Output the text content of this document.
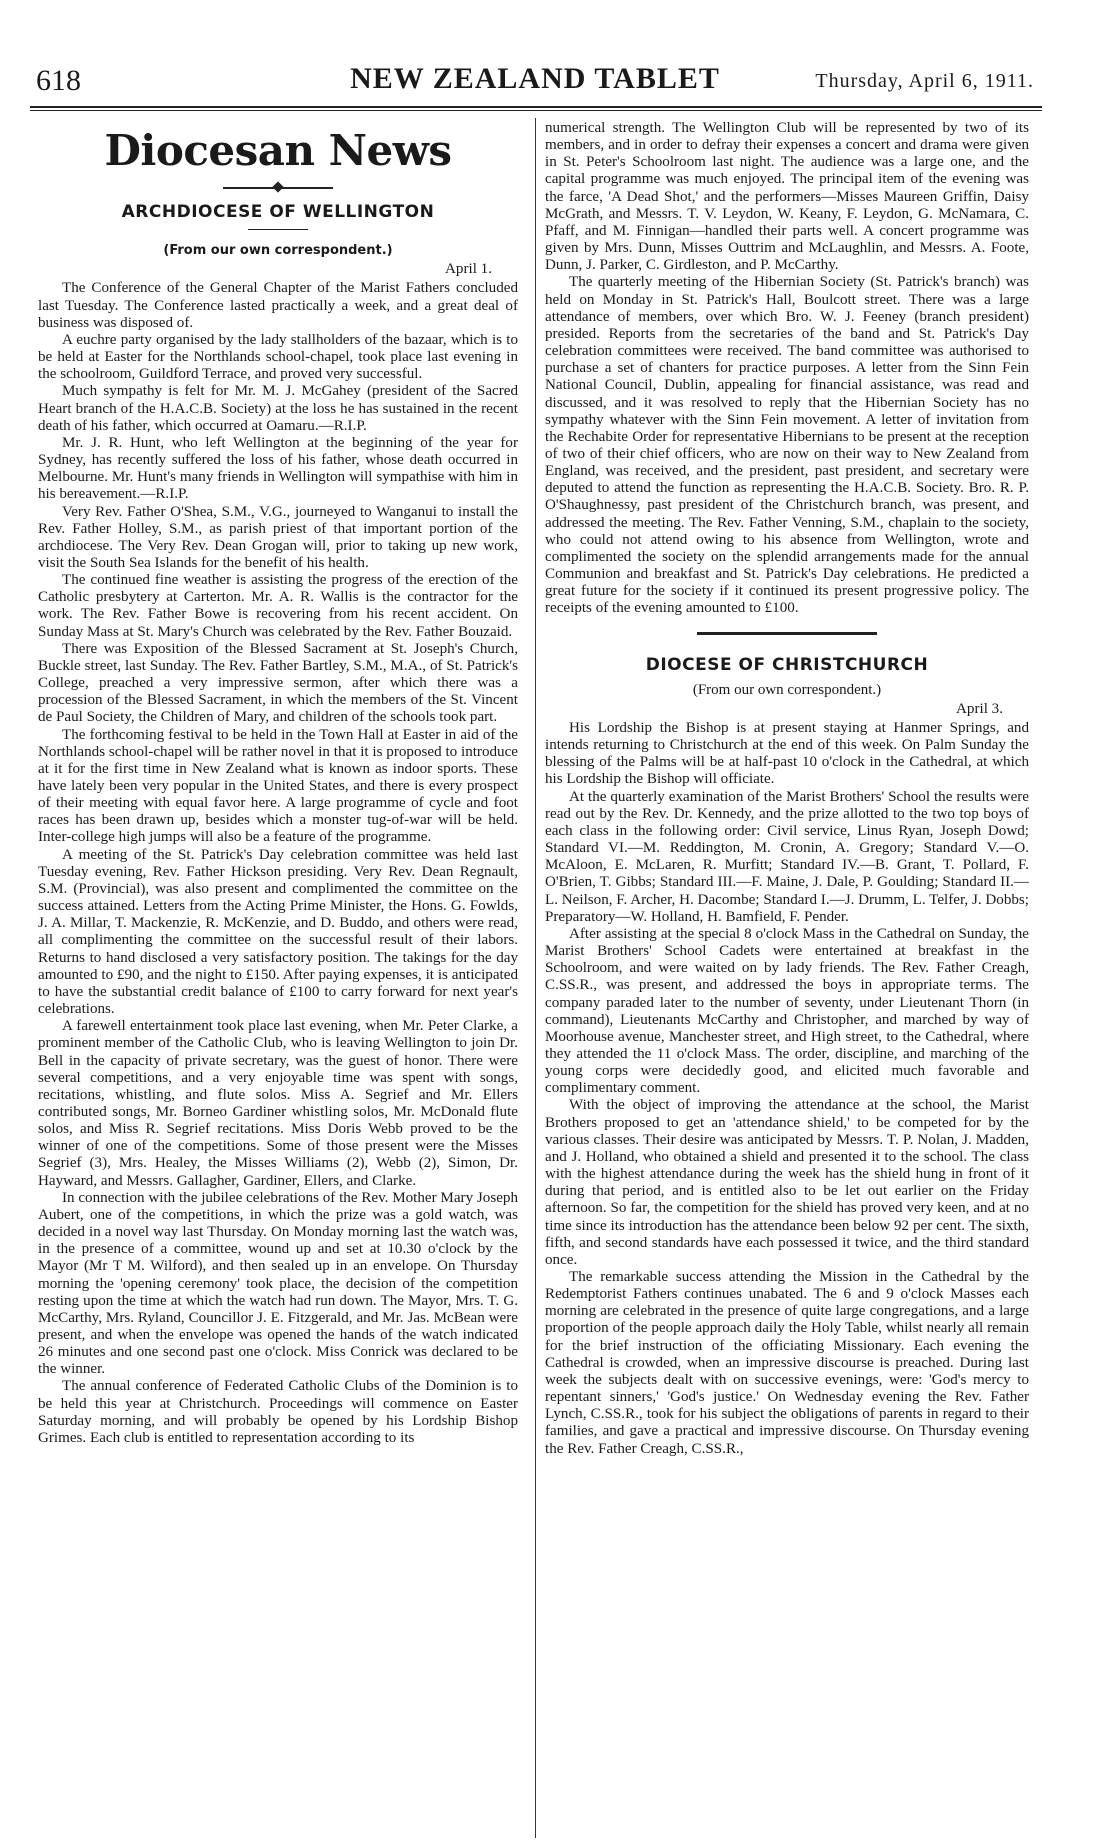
618	NEW ZEALAND TABLET	Thursday, April 6, 1911.
Diocesan News
ARCHDIOCESE OF WELLINGTON
(From our own correspondent.)
April 1.

The Conference of the General Chapter of the Marist Fathers concluded last Tuesday. The Conference lasted practically a week, and a great deal of business was disposed of.

A euchre party organised by the lady stallholders of the bazaar, which is to be held at Easter for the Northlands school-chapel, took place last evening in the schoolroom, Guildford Terrace, and proved very successful.

Much sympathy is felt for Mr. M. J. McGahey (president of the Sacred Heart branch of the H.A.C.B. Society) at the loss he has sustained in the recent death of his father, which occurred at Oamaru.—R.I.P.

Mr. J. R. Hunt, who left Wellington at the beginning of the year for Sydney, has recently suffered the loss of his father, whose death occurred in Melbourne. Mr. Hunt's many friends in Wellington will sympathise with him in his bereavement.—R.I.P.

Very Rev. Father O'Shea, S.M., V.G., journeyed to Wanganui to install the Rev. Father Holley, S.M., as parish priest of that important portion of the archdiocese. The Very Rev. Dean Grogan will, prior to taking up new work, visit the South Sea Islands for the benefit of his health.

The continued fine weather is assisting the progress of the erection of the Catholic presbytery at Carterton. Mr. A. R. Wallis is the contractor for the work. The Rev. Father Bowe is recovering from his recent accident. On Sunday Mass at St. Mary's Church was celebrated by the Rev. Father Bouzaid.

There was Exposition of the Blessed Sacrament at St. Joseph's Church, Buckle street, last Sunday. The Rev. Father Bartley, S.M., M.A., of St. Patrick's College, preached a very impressive sermon, after which there was a procession of the Blessed Sacrament, in which the members of the St. Vincent de Paul Society, the Children of Mary, and children of the schools took part.

The forthcoming festival to be held in the Town Hall at Easter in aid of the Northlands school-chapel will be rather novel in that it is proposed to introduce at it for the first time in New Zealand what is known as indoor sports. These have lately been very popular in the United States, and there is every prospect of their meeting with equal favor here. A large programme of cycle and foot races has been drawn up, besides which a monster tug-of-war will be held. Inter-college high jumps will also be a feature of the programme.

A meeting of the St. Patrick's Day celebration committee was held last Tuesday evening, Rev. Father Hickson presiding. Very Rev. Dean Regnault, S.M. (Provincial), was also present and complimented the committee on the success attained. Letters from the Acting Prime Minister, the Hons. G. Fowlds, J. A. Millar, T. Mackenzie, R. McKenzie, and D. Buddo, and others were read, all complimenting the committee on the successful result of their labors. Returns to hand disclosed a very satisfactory position. The takings for the day amounted to £90, and the night to £150. After paying expenses, it is anticipated to have the substantial credit balance of £100 to carry forward for next year's celebrations.

A farewell entertainment took place last evening, when Mr. Peter Clarke, a prominent member of the Catholic Club, who is leaving Wellington to join Dr. Bell in the capacity of private secretary, was the guest of honor. There were several competitions, and a very enjoyable time was spent with songs, recitations, whistling, and flute solos. Miss A. Segrief and Mr. Ellers contributed songs, Mr. Borneo Gardiner whistling solos, Mr. McDonald flute solos, and Miss R. Segrief recitations. Miss Doris Webb proved to be the winner of one of the competitions. Some of those present were the Misses Segrief (3), Mrs. Healey, the Misses Williams (2), Webb (2), Simon, Dr. Hayward, and Messrs. Gallagher, Gardiner, Ellers, and Clarke.

In connection with the jubilee celebrations of the Rev. Mother Mary Joseph Aubert, one of the competitions, in which the prize was a gold watch, was decided in a novel way last Thursday. On Monday morning last the watch was, in the presence of a committee, wound up and set at 10.30 o'clock by the Mayor (Mr T M. Wilford), and then sealed up in an envelope. On Thursday morning the 'opening ceremony' took place, the decision of the competition resting upon the time at which the watch had run down. The Mayor, Mrs. T. G. McCarthy, Mrs. Ryland, Councillor J. E. Fitzgerald, and Mr. Jas. McBean were present, and when the envelope was opened the hands of the watch indicated 26 minutes and one second past one o'clock. Miss Conrick was declared to be the winner.

The annual conference of Federated Catholic Clubs of the Dominion is to be held this year at Christchurch. Proceedings will commence on Easter Saturday morning, and will probably be opened by his Lordship Bishop Grimes. Each club is entitled to representation according to its

numerical strength. The Wellington Club will be represented by two of its members, and in order to defray their expenses a concert and drama were given in St. Peter's Schoolroom last night. The audience was a large one, and the capital programme was much enjoyed. The principal item of the evening was the farce, 'A Dead Shot,' and the performers—Misses Maureen Griffin, Daisy McGrath, and Messrs. T. V. Leydon, W. Keany, F. Leydon, G. McNamara, C. Pfaff, and M. Finnigan—handled their parts well. A concert programme was given by Mrs. Dunn, Misses Outtrim and McLaughlin, and Messrs. A. Foote, Dunn, J. Parker, C. Girdleston, and P. McCarthy.

The quarterly meeting of the Hibernian Society (St. Patrick's branch) was held on Monday in St. Patrick's Hall, Boulcott street. There was a large attendance of members, over which Bro. W. J. Feeney (branch president) presided. Reports from the secretaries of the band and St. Patrick's Day celebration committees were received. The band committee was authorised to purchase a set of chanters for practice purposes. A letter from the Sinn Fein National Council, Dublin, appealing for financial assistance, was read and discussed, and it was resolved to reply that the Hibernian Society has no sympathy whatever with the Sinn Fein movement. A letter of invitation from the Rechabite Order for representative Hibernians to be present at the reception of two of their chief officers, who are now on their way to New Zealand from England, was received, and the president, past president, and secretary were deputed to attend the function as representing the H.A.C.B. Society. Bro. R. P. O'Shaughnessy, past president of the Christchurch branch, was present, and addressed the meeting. The Rev. Father Venning, S.M., chaplain to the society, who could not attend owing to his absence from Wellington, wrote and complimented the society on the splendid arrangements made for the annual Communion and breakfast and St. Patrick's Day celebrations. He predicted a great future for the society if it continued its present progressive policy. The receipts of the evening amounted to £100.

DIOCESE OF CHRISTCHURCH
(From our own correspondent.)
April 3.

His Lordship the Bishop is at present staying at Hanmer Springs, and intends returning to Christchurch at the end of this week. On Palm Sunday the blessing of the Palms will be at half-past 10 o'clock in the Cathedral, at which his Lordship the Bishop will officiate.

At the quarterly examination of the Marist Brothers' School the results were read out by the Rev. Dr. Kennedy, and the prize allotted to the two top boys of each class in the following order: Civil service, Linus Ryan, Joseph Dowd; Standard VI.—M. Reddington, M. Cronin, A. Gregory; Standard V.—O. McAloon, E. McLaren, R. Murfitt; Standard IV.—B. Grant, T. Pollard, F. O'Brien, T. Gibbs; Standard III.—F. Maine, J. Dale, P. Goulding; Standard II.—L. Neilson, F. Archer, H. Dacombe; Standard I.—J. Drumm, L. Telfer, J. Dobbs; Preparatory—W. Holland, H. Bamfield, F. Pender.

After assisting at the special 8 o'clock Mass in the Cathedral on Sunday, the Marist Brothers' School Cadets were entertained at breakfast in the Schoolroom, and were waited on by lady friends. The Rev. Father Creagh, C.SS.R., was present, and addressed the boys in appropriate terms. The company paraded later to the number of seventy, under Lieutenant Thorn (in command), Lieutenants McCarthy and Christopher, and marched by way of Moorhouse avenue, Manchester street, and High street, to the Cathedral, where they attended the 11 o'clock Mass. The order, discipline, and marching of the young corps were decidedly good, and elicited much favorable and complimentary comment.

With the object of improving the attendance at the school, the Marist Brothers proposed to get an 'attendance shield,' to be competed for by the various classes. Their desire was anticipated by Messrs. T. P. Nolan, J. Madden, and J. Holland, who obtained a shield and presented it to the school. The class with the highest attendance during the week has the shield hung in front of it during that period, and is entitled also to be let out earlier on the Friday afternoon. So far, the competition for the shield has proved very keen, and at no time since its introduction has the attendance been below 92 per cent. The sixth, fifth, and second standards have each possessed it twice, and the third standard once.

The remarkable success attending the Mission in the Cathedral by the Redemptorist Fathers continues unabated. The 6 and 9 o'clock Masses each morning are celebrated in the presence of quite large congregations, and a large proportion of the people approach daily the Holy Table, whilst nearly all remain for the brief instruction of the officiating Missionary. Each evening the Cathedral is crowded, when an impressive discourse is preached. During last week the subjects dealt with on successive evenings, were: 'God's mercy to repentant sinners,' 'God's justice.' On Wednesday evening the Rev. Father Lynch, C.SS.R., took for his subject the obligations of parents in regard to their families, and gave a practical and impressive discourse. On Thursday evening the Rev. Father Creagh, C.SS.R.,
